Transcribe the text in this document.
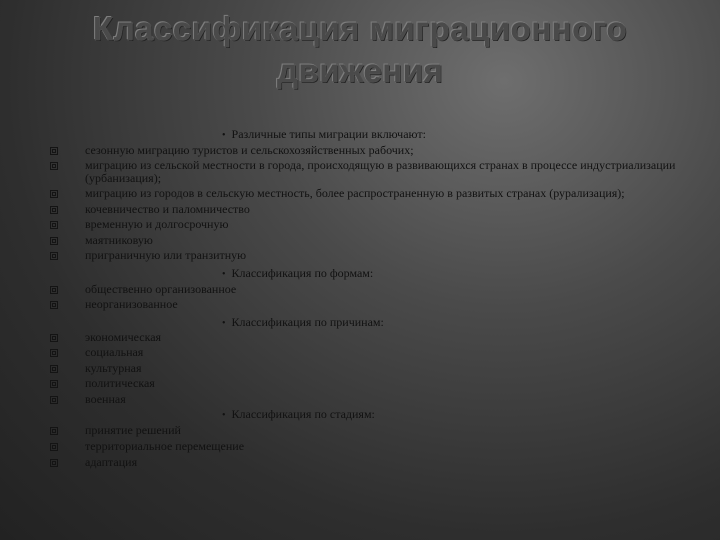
Классификация миграционного
движения
• Различные типы миграции включают:
сезонную миграцию туристов и сельскохозяйственных рабочих;
миграцию из сельской местности в города, происходящую в развивающихся странах в процессе индустриализации (урбанизация);
миграцию из городов в сельскую местность, более распространенную в развитых странах (рурализация);
кочевничество и паломничество
временную и долгосрочную
маятниковую
приграничную или транзитную
• Классификация по формам:
общественно организованное
неорганизованное
• Классификация по причинам:
экономическая
социальная
культурная
политическая
военная
• Классификация по стадиям:
принятие решений
территориальное перемещение
адаптация
